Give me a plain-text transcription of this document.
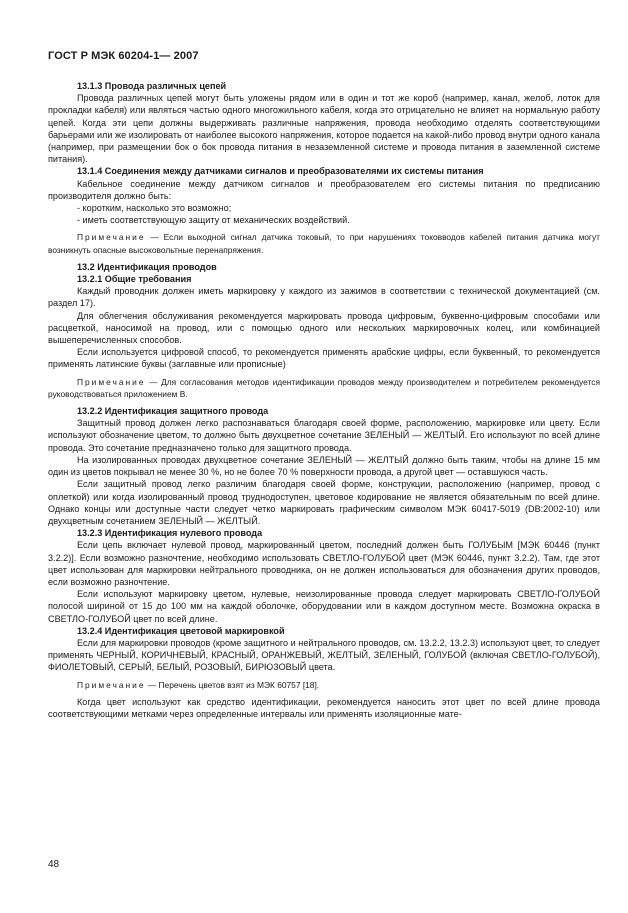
ГОСТ Р МЭК 60204-1— 2007

13.1.3 Провода различных цепей

Провода различных цепей могут быть уложены рядом или в один и тот же короб (например, канал, желоб, лоток для прокладки кабеля) или являться частью одного многожильного кабеля, когда это отрицательно не влияет на нормальную работу цепей. Когда эти цепи должны выдерживать различные напряжения, провода необходимо отделять соответствующими барьерами или же изолировать от наиболее высокого напряжения, которое подается на какой-либо провод внутри одного канала (например, при размещении бок о бок провода питания в незаземленной системе и провода питания в заземленной системе питания).

13.1.4 Соединения между датчиками сигналов и преобразователями их системы питания

Кабельное соединение между датчиком сигналов и преобразователем его системы питания по предписанию производителя должно быть:

- коротким, насколько это возможно;

- иметь соответствующую защиту от механических воздействий.

Примечание — Если выходной сигнал датчика токовый, то при нарушениях токовводов кабелей питания датчика могут возникнуть опасные высоковольтные перенапряжения.

13.2 Идентификация проводов

13.2.1 Общие требования

Каждый проводник должен иметь маркировку у каждого из зажимов в соответствии с технической документацией (см. раздел 17).

Для облегчения обслуживания рекомендуется маркировать провода цифровым, буквенно-цифровым способами или расцветкой, наносимой на провод, или с помощью одного или нескольких маркировочных колец, или комбинацией вышеперечисленных способов.

Если используется цифровой способ, то рекомендуется применять арабские цифры, если буквенный, то рекомендуется применять латинские буквы (заглавные или прописные)

Примечание — Для согласования методов идентификации проводов между производителем и потребителем рекомендуется руководствоваться приложением В.

13.2.2 Идентификация защитного провода

Защитный провод должен легко распознаваться благодаря своей форме, расположению, маркировке или цвету. Если используют обозначение цветом, то должно быть двухцветное сочетание ЗЕЛЕНЫЙ — ЖЕЛТЫЙ. Его используют по всей длине провода. Это сочетание предназначено только для защитного провода.

На изолированных проводах двухцветное сочетание ЗЕЛЕНЫЙ — ЖЕЛТЫЙ должно быть таким, чтобы на длине 15 мм один из цветов покрывал не менее 30 %, но не более 70 % поверхности провода, а другой цвет — оставшуюся часть.

Если защитный провод легко различим благодаря своей форме, конструкции, расположению (например, провод с оплеткой) или когда изолированный провод труднодоступен, цветовое кодирование не является обязательным по всей длине. Однако концы или доступные части следует четко маркировать графическим символом МЭК 60417-5019 (DB:2002-10) или двухцветным сочетанием ЗЕЛЕНЫЙ — ЖЕЛТЫЙ.

13.2.3 Идентификация нулевого провода

Если цепь включает нулевой провод, маркированный цветом, последний должен быть ГОЛУБЫМ [МЭК 60446 (пункт 3.2.2)]. Если возможно разночтение, необходимо использовать СВЕТЛО-ГОЛУБОЙ цвет (МЭК 60446, пункт 3.2.2). Там, где этот цвет использован для маркировки нейтрального проводника, он не должен использоваться для обозначения других проводов, если возможно разночтение.

Если используют маркировку цветом, нулевые, неизолированные провода следует маркировать СВЕТЛО-ГОЛУБОЙ полосой шириной от 15 до 100 мм на каждой оболочке, оборудовании или в каждом доступном месте. Возможна окраска в СВЕТЛО-ГОЛУБОЙ цвет по всей длине.

13.2.4 Идентификация цветовой маркировкой

Если для маркировки проводов (кроме защитного и нейтрального проводов, см. 13.2.2, 13.2.3) используют цвет, то следует применять ЧЕРНЫЙ, КОРИЧНЕВЫЙ, КРАСНЫЙ, ОРАНЖЕВЫЙ, ЖЕЛТЫЙ, ЗЕЛЕНЫЙ, ГОЛУБОЙ (включая СВЕТЛО-ГОЛУБОЙ), ФИОЛЕТОВЫЙ, СЕРЫЙ, БЕЛЫЙ, РОЗОВЫЙ, БИРЮЗОВЫЙ цвета.

Примечание — Перечень цветов взят из МЭК 60757 [18].

Когда цвет используют как средство идентификации, рекомендуется наносить этот цвет по всей длине провода соответствующими метками через определенные интервалы или применять изоляционные мате-

48
